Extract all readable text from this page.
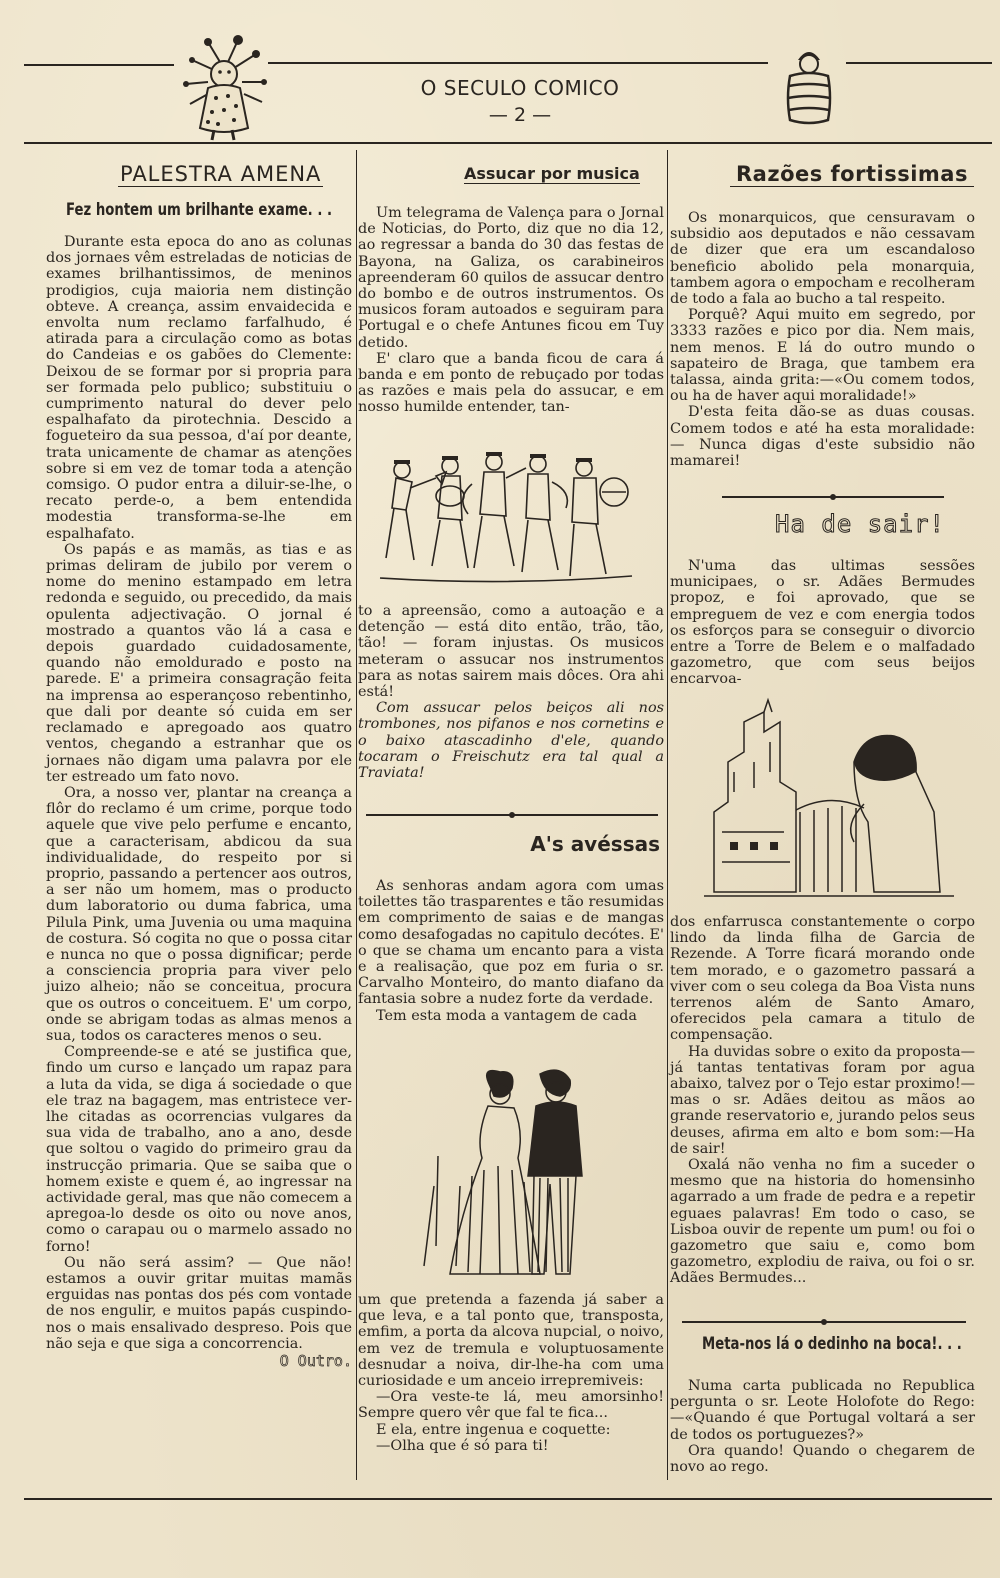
O SECULO COMICO
— 2 —
PALESTRA AMENA
Fez hontem um brilhante exame. . .
Durante esta epoca do ano as colunas dos jornaes vêm estreladas de noticias de exames brilhantissimos, de meninos prodigios, cuja maioria nem distinção obteve. A creança, assim envaidecida e envolta num reclamo farfalhudo, é atirada para a circulação como as botas do Candeias e os gabões do Clemente: Deixou de se formar por si propria para ser formada pelo publico; substituiu o cumprimento natural do dever pelo espalhafato da pirotechnia. Descido a fogueteiro da sua pessoa, d'aí por deante, trata unicamente de chamar as atenções sobre si em vez de tomar toda a atenção comsigo. O pudor entra a diluir-se-lhe, o recato perde-o, a bem entendida modestia transforma-se-lhe em espalhafato.
Os papás e as mamãs, as tias e as primas deliram de jubilo por verem o nome do menino estampado em letra redonda e seguido, ou precedido, da mais opulenta adjectivação. O jornal é mostrado a quantos vão lá a casa e depois guardado cuidadosamente, quando não emoldurado e posto na parede. E' a primeira consagração feita na imprensa ao esperançoso rebentinho, que dali por deante só cuida em ser reclamado e apregoado aos quatro ventos, chegando a estranhar que os jornaes não digam uma palavra por ele ter estreado um fato novo.
Ora, a nosso ver, plantar na creança a flôr do reclamo é um crime, porque todo aquele que vive pelo perfume e encanto, que a caracterisam, abdicou da sua individualidade, do respeito por si proprio, passando a pertencer aos outros, a ser não um homem, mas o producto dum laboratorio ou duma fabrica, uma Pilula Pink, uma Juvenia ou uma maquina de costura. Só cogita no que o possa citar e nunca no que o possa dignificar; perde a consciencia propria para viver pelo juizo alheio; não se conceitua, procura que os outros o conceituem. E' um corpo, onde se abrigam todas as almas menos a sua, todos os caracteres menos o seu.
Compreende-se e até se justifica que, findo um curso e lançado um rapaz para a luta da vida, se diga á sociedade o que ele traz na bagagem, mas entristece ver-lhe citadas as ocorrencias vulgares da sua vida de trabalho, ano a ano, desde que soltou o vagido do primeiro grau da instrucção primaria. Que se saiba que o homem existe e quem é, ao ingressar na actividade geral, mas que não comecem a apregoa-lo desde os oito ou nove anos, como o carapau ou o marmelo assado no forno!
Ou não será assim? — Que não! estamos a ouvir gritar muitas mamãs erguidas nas pontas dos pés com vontade de nos engulir, e muitos papás cuspindo-nos o mais ensalivado despreso. Pois que não seja e que siga a concorrencia.
O Outro.
Assucar por musica
Um telegrama de Valença para o Jornal de Noticias, do Porto, diz que no dia 12, ao regressar a banda do 30 das festas de Bayona, na Galiza, os carabineiros apreenderam 60 quilos de assucar dentro do bombo e de outros instrumentos. Os musicos foram autoados e seguiram para Portugal e o chefe Antunes ficou em Tuy detido.
E' claro que a banda ficou de cara á banda e em ponto de rebuçado por todas as razões e mais pela do assucar, e em nosso humilde entender, tan-
to a apreensão, como a autoação e a detenção — está dito então, trão, tão, tão! — foram injustas. Os musicos meteram o assucar nos instrumentos para as notas sairem mais dôces. Ora ahi está!
Com assucar pelos beiços ali nos trombones, nos pifanos e nos cornetins e o baixo atascadinho d'ele, quando tocaram o Freischutz era tal qual a Traviata!
A's avéssas
As senhoras andam agora com umas toilettes tão trasparentes e tão resumidas em comprimento de saias e de mangas como desafogadas no capitulo decótes. E' o que se chama um encanto para a vista e a realisação, que poz em furia o sr. Carvalho Monteiro, do manto diafano da fantasia sobre a nudez forte da verdade.
Tem esta moda a vantagem de cada
um que pretenda a fazenda já saber a que leva, e a tal ponto que, transposta, emfim, a porta da alcova nupcial, o noivo, em vez de tremula e voluptuosamente desnudar a noiva, dir-lhe-ha com uma curiosidade e um anceio irrepremiveis:
—Ora veste-te lá, meu amorsinho! Sempre quero vêr que fal te fica...
E ela, entre ingenua e coquette:
—Olha que é só para ti!
Razões fortissimas
Os monarquicos, que censuravam o subsidio aos deputados e não cessavam de dizer que era um escandaloso beneficio abolido pela monarquia, tambem agora o empocham e recolheram de todo a fala ao bucho a tal respeito.
Porquê? Aqui muito em segredo, por 3333 razões e pico por dia. Nem mais, nem menos. E lá do outro mundo o sapateiro de Braga, que tambem era talassa, ainda grita:—«Ou comem todos, ou ha de haver aqui moralidade!»
D'esta feita dão-se as duas cousas. Comem todos e até ha esta moralidade: — Nunca digas d'este subsidio não mamarei!
Ha de sair!
N'uma das ultimas sessões municipaes, o sr. Adães Bermudes propoz, e foi aprovado, que se empreguem de vez e com energia todos os esforços para se conseguir o divorcio entre a Torre de Belem e o malfadado gazometro, que com seus beijos encarvoa-
dos enfarrusca constantemente o corpo lindo da linda filha de Garcia de Rezende. A Torre ficará morando onde tem morado, e o gazometro passará a viver com o seu colega da Boa Vista nuns terrenos além de Santo Amaro, oferecidos pela camara a titulo de compensação.
Ha duvidas sobre o exito da proposta—já tantas tentativas foram por agua abaixo, talvez por o Tejo estar proximo!—mas o sr. Adães deitou as mãos ao grande reservatorio e, jurando pelos seus deuses, afirma em alto e bom som:—Ha de sair!
Oxalá não venha no fim a suceder o mesmo que na historia do homensinho agarrado a um frade de pedra e a repetir eguaes palavras! Em todo o caso, se Lisboa ouvir de repente um pum! ou foi o gazometro que saiu e, como bom gazometro, explodiu de raiva, ou foi o sr. Adães Bermudes...
Meta-nos lá o dedinho na boca!. . .
Numa carta publicada no Republica pergunta o sr. Leote Holofote do Rego: —«Quando é que Portugal voltará a ser de todos os portuguezes?»
Ora quando! Quando o chegarem de novo ao rego.
